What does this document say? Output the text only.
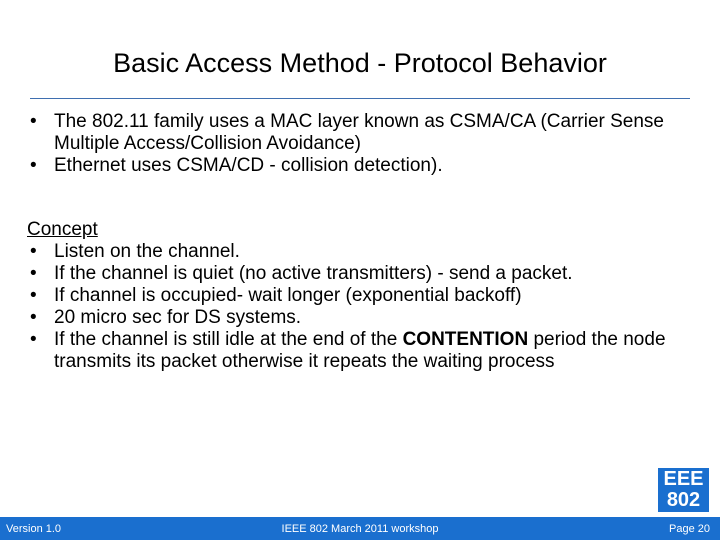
Basic Access Method - Protocol Behavior
• The 802.11 family uses a MAC layer known as CSMA/CA (Carrier Sense Multiple Access/Collision Avoidance)
• Ethernet uses CSMA/CD - collision detection).
Concept
• Listen on the channel.
• If the channel is quiet (no active transmitters) - send a packet.
• If channel is occupied- wait longer (exponential backoff)
• 20 micro sec for DS systems.
• If the channel is still idle at the end of the CONTENTION period the node transmits its packet otherwise it repeats the waiting process
EEE
802
Version 1.0	IEEE 802 March 2011 workshop	Page 20
